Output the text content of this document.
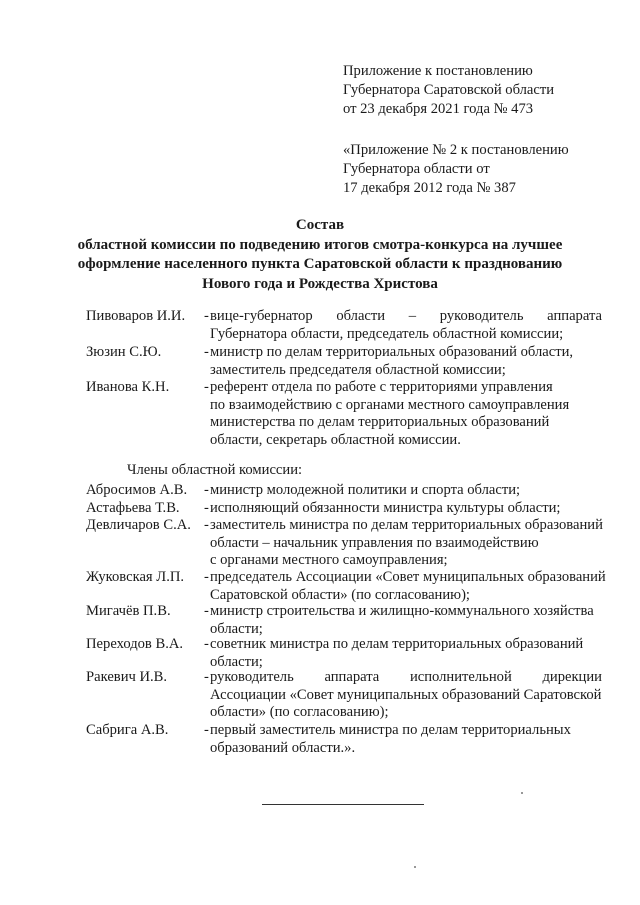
Приложение к постановлению
Губернатора Саратовской области
от 23 декабря 2021 года № 473
«Приложение № 2 к постановлению
Губернатора области от
17 декабря 2012 года № 387
Состав
областной комиссии по подведению итогов смотра-конкурса на лучшее
оформление населенного пункта Саратовской области к празднованию
Нового года и Рождества Христова
Пивоваров И.И. - вице-губернатор области – руководитель аппарата
Губернатора области, председатель областной комиссии;
Зюзин С.Ю.	- министр по делам территориальных образований области,
заместитель председателя областной комиссии;
Иванова К.Н. - референт отдела по работе с территориями управления
по взаимодействию с органами местного самоуправления
министерства по делам территориальных образований
области, секретарь областной комиссии.
Члены областной комиссии:
Абросимов А.В. - министр молодежной политики и спорта области;
Астафьева Т.В. - исполняющий обязанности министра культуры области;
Девличаров С.А. - заместитель министра по делам территориальных образований
области – начальник управления по взаимодействию
с органами местного самоуправления;
Жуковская Л.П. - председатель Ассоциации «Совет муниципальных образований
Саратовской области» (по согласованию);
Мигачёв П.В. - министр строительства и жилищно-коммунального хозяйства
области;
Переходов В.А. - советник министра по делам территориальных образований
области;
Ракевич И.В.	- руководитель аппарата исполнительной дирекции
Ассоциации «Совет муниципальных образований Саратовской
области» (по согласованию);
Сабрига А.В. - первый заместитель министра по делам территориальных
образований области.».
